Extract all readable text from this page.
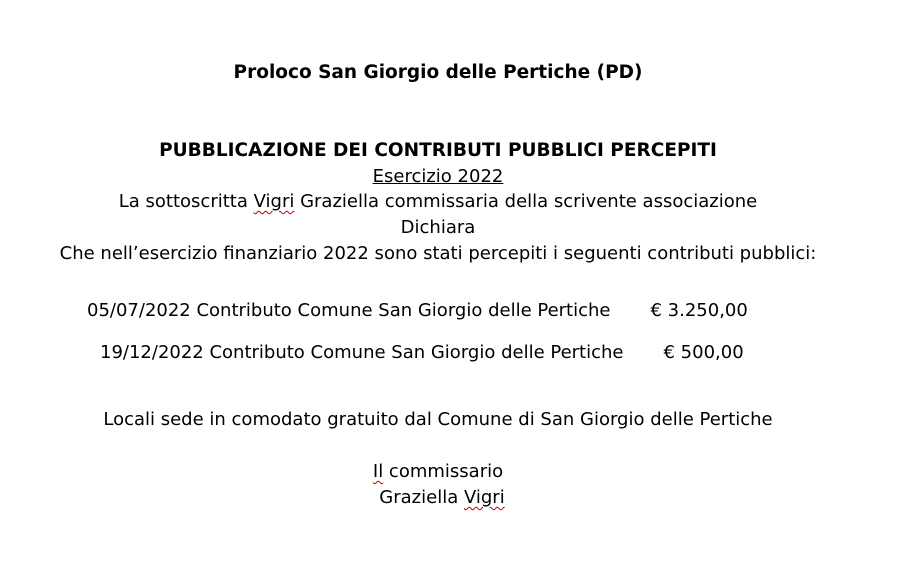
Proloco San Giorgio delle Pertiche (PD)
PUBBLICAZIONE DEI CONTRIBUTI PUBBLICI PERCEPITI
Esercizio 2022
La sottoscritta Vigri Graziella commissaria della scrivente associazione
Dichiara
Che nell’esercizio finanziario 2022 sono stati percepiti i seguenti contributi pubblici:
05/07/2022 Contributo Comune San Giorgio delle Pertiche € 3.250,00
19/12/2022 Contributo Comune San Giorgio delle Pertiche € 500,00
Locali sede in comodato gratuito dal Comune di San Giorgio delle Pertiche
Il commissario
Graziella Vigri
